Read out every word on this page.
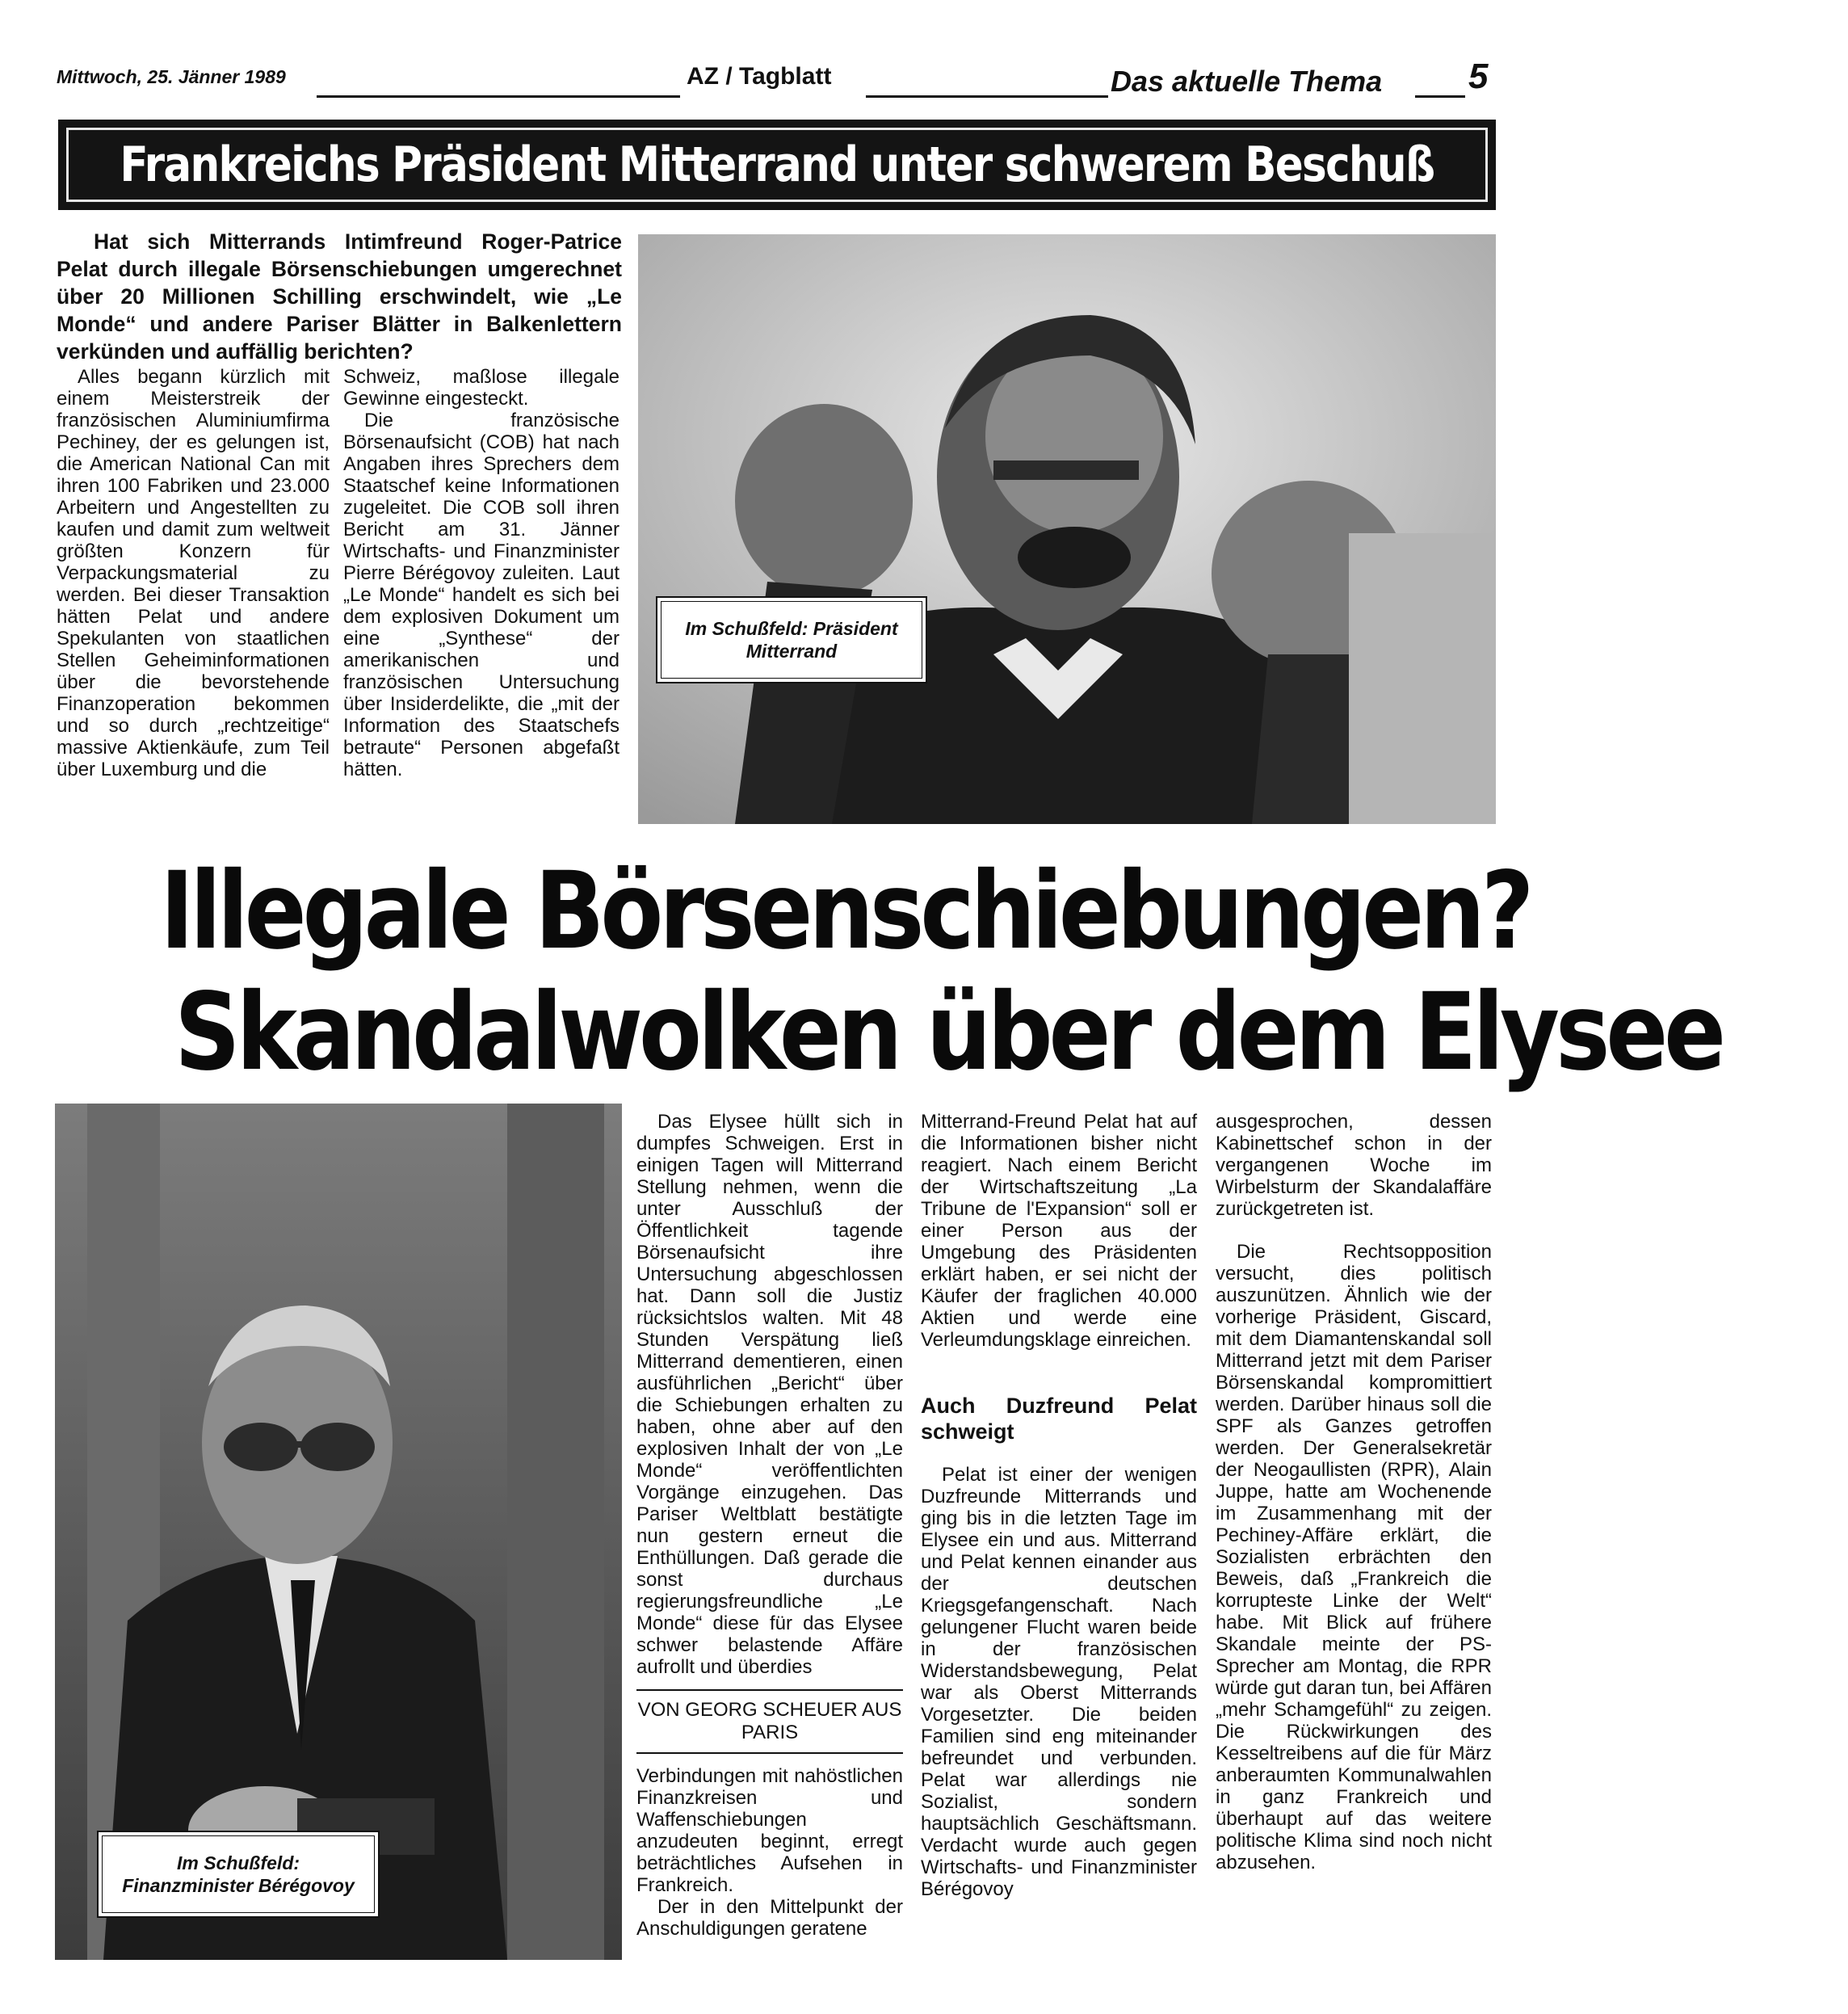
Mittwoch, 25. Jänner 1989	AZ / Tagblatt	Das aktuelle Thema 5
Frankreichs Präsident Mitterrand unter schwerem Beschuß
Hat sich Mitterrands Intimfreund Roger-Patrice Pelat durch illegale Börsenschiebungen umgerechnet über 20 Millionen Schilling erschwindelt, wie „Le Monde“ und andere Pariser Blätter in Balkenlettern verkünden und auffällig berichten?

Alles begann kürzlich mit einem Meisterstreik der französischen Aluminiumfirma Pechiney, der es gelungen ist, die American National Can mit ihren 100 Fabriken und 23.000 Arbeitern und Angestellten zu kaufen und damit zum weltweit größten Konzern für Verpackungsmaterial zu werden. Bei dieser Transaktion hätten Pelat und andere Spekulanten von staatlichen Stellen Geheiminformationen über die bevorstehende Finanzoperation bekommen und so durch „rechtzeitige“ massive Aktienkäufe, zum Teil über Luxemburg und die

Schweiz, maßlose illegale Gewinne eingesteckt.

Die französische Börsenaufsicht (COB) hat nach Angaben ihres Sprechers dem Staatschef keine Informationen zugeleitet. Die COB soll ihren Bericht am 31. Jänner Wirtschafts- und Finanzminister Pierre Bérégovoy zuleiten. Laut „Le Monde“ handelt es sich bei dem explosiven Dokument um eine „Synthese“ der amerikanischen und französischen Untersuchung über Insiderdelikte, die „mit der Information des Staatschefs betraute“ Personen abgefaßt hätten.

Im Schußfeld: Präsident Mitterrand
Illegale Börsenschiebungen?
Skandalwolken über dem Elysee
Im Schußfeld: Finanzminister Bérégovoy

Das Elysee hüllt sich in dumpfes Schweigen. Erst in einigen Tagen will Mitterrand Stellung nehmen, wenn die unter Ausschluß der Öffentlichkeit tagende Börsenaufsicht ihre Untersuchung abgeschlossen hat. Dann soll die Justiz rücksichtslos walten. Mit 48 Stunden Verspätung ließ Mitterrand dementieren, einen ausführlichen „Bericht“ über die Schiebungen erhalten zu haben, ohne aber auf den explosiven Inhalt der von „Le Monde“ veröffentlichten Vorgänge einzugehen. Das Pariser Weltblatt bestätigte nun gestern erneut die Enthüllungen. Daß gerade die sonst durchaus regierungsfreundliche „Le Monde“ diese für das Elysee schwer belastende Affäre aufrollt und überdies

VON GEORG SCHEUER AUS PARIS

Verbindungen mit nahöstlichen Finanzkreisen und Waffenschiebungen anzudeuten beginnt, erregt beträchtliches Aufsehen in Frankreich.

Der in den Mittelpunkt der Anschuldigungen geratene

Mitterrand-Freund Pelat hat auf die Informationen bisher nicht reagiert. Nach einem Bericht der Wirtschaftszeitung „La Tribune de l'Expansion“ soll er einer Person aus der Umgebung des Präsidenten erklärt haben, er sei nicht der Käufer der fraglichen 40.000 Aktien und werde eine Verleumdungsklage einreichen.

Auch Duzfreund Pelat schweigt

Pelat ist einer der wenigen Duzfreunde Mitterrands und ging bis in die letzten Tage im Elysee ein und aus. Mitterrand und Pelat kennen einander aus der deutschen Kriegsgefangenschaft. Nach gelungener Flucht waren beide in der französischen Widerstandsbewegung, Pelat war als Oberst Mitterrands Vorgesetzter. Die beiden Familien sind eng miteinander befreundet und verbunden. Pelat war allerdings nie Sozialist, sondern hauptsächlich Geschäftsmann. Verdacht wurde auch gegen Wirtschafts- und Finanzminister Bérégovoy

ausgesprochen, dessen Kabinettschef schon in der vergangenen Woche im Wirbelsturm der Skandalaffäre zurückgetreten ist.

Die Rechtsopposition versucht, dies politisch auszunützen. Ähnlich wie der vorherige Präsident, Giscard, mit dem Diamantenskandal soll Mitterrand jetzt mit dem Pariser Börsenskandal kompromittiert werden. Darüber hinaus soll die SPF als Ganzes getroffen werden. Der Generalsekretär der Neogaullisten (RPR), Alain Juppe, hatte am Wochenende im Zusammenhang mit der Pechiney-Affäre erklärt, die Sozialisten erbrächten den Beweis, daß „Frankreich die korrupteste Linke der Welt“ habe. Mit Blick auf frühere Skandale meinte der PS-Sprecher am Montag, die RPR würde gut daran tun, bei Affären „mehr Schamgefühl“ zu zeigen. Die Rückwirkungen des Kesseltreibens auf die für März anberaumten Kommunalwahlen in ganz Frankreich und überhaupt auf das weitere politische Klima sind noch nicht abzusehen.
